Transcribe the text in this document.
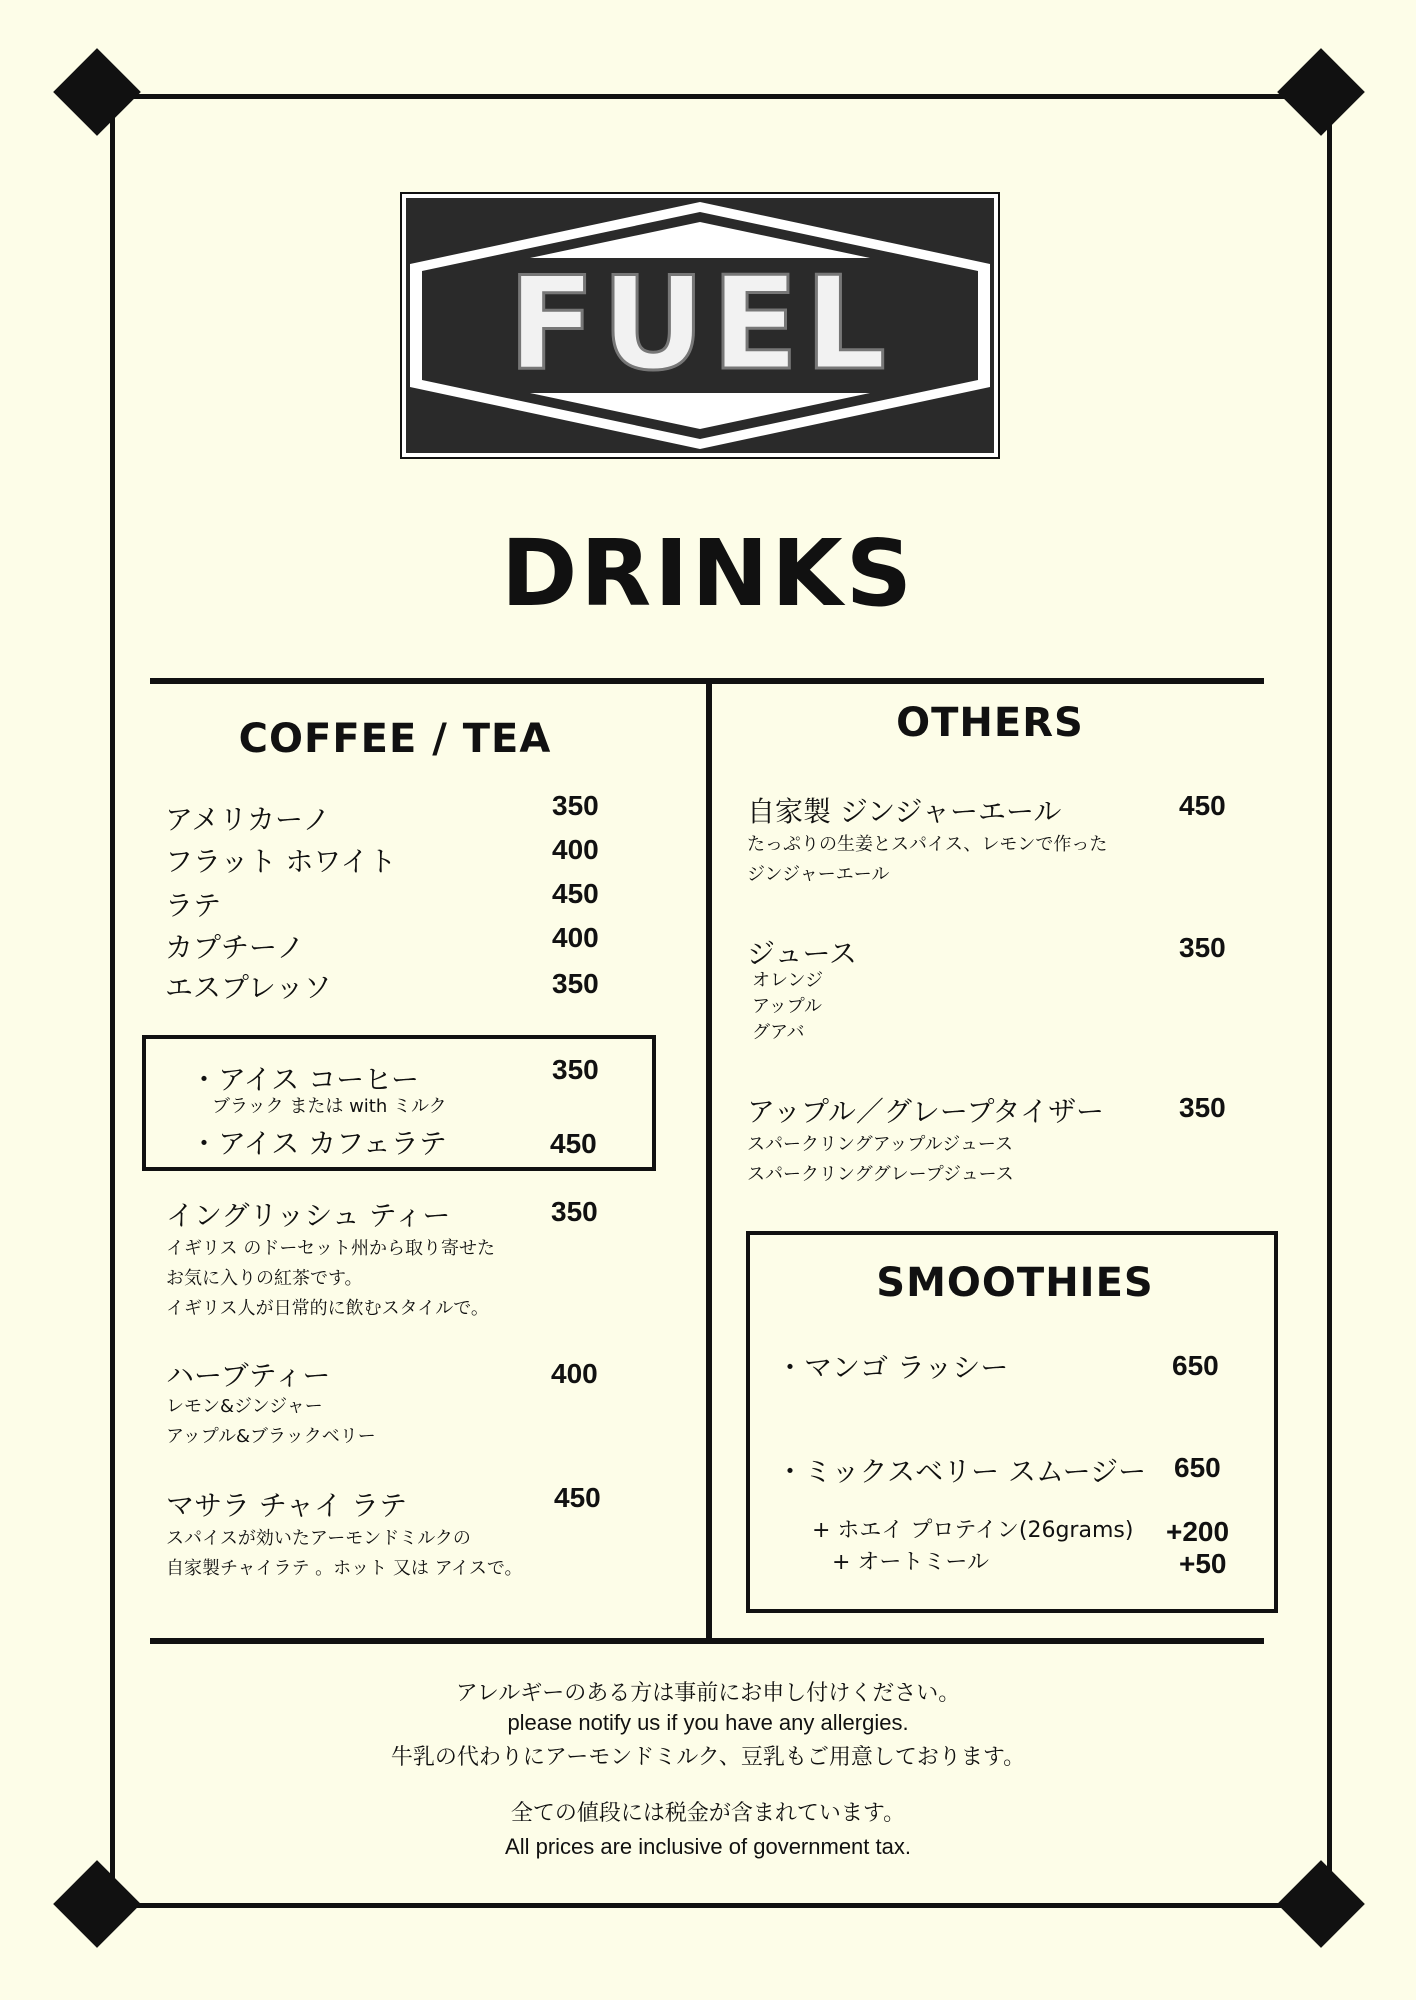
FUEL
DRINKS
COFFEE / TEA
アメリカーノ	350
フラット ホワイト	400
ラテ	450
カプチーノ	400
エスプレッソ	350
・アイス コーヒー	350
ブラック または with ミルク
・アイス カフェラテ	450
イングリッシュ ティー	350
イギリス のドーセット州から取り寄せた
お気に入りの紅茶です。
イギリス人が日常的に飲むスタイルで。
ハーブティー	400
レモン&ジンジャー
アップル&ブラックベリー
マサラ チャイ ラテ	450
スパイスが効いたアーモンドミルクの
自家製チャイラテ 。ホット 又は アイスで。
OTHERS
自家製 ジンジャーエール	450
たっぷりの生姜とスパイス、レモンで作った
ジンジャーエール
ジュース	350
オレンジ
アップル
グアバ
アップル／グレープタイザー	350
スパークリングアップルジュース
スパークリンググレープジュース
SMOOTHIES
・マンゴ ラッシー	650
・ミックスベリー スムージー 650
+ ホエイ プロテイン(26grams) +200
+ オートミール	+50
アレルギーのある方は事前にお申し付けください。
please notify us if you have any allergies.
牛乳の代わりにアーモンドミルク、豆乳もご用意しております。
全ての値段には税金が含まれています。
All prices are inclusive of government tax.
